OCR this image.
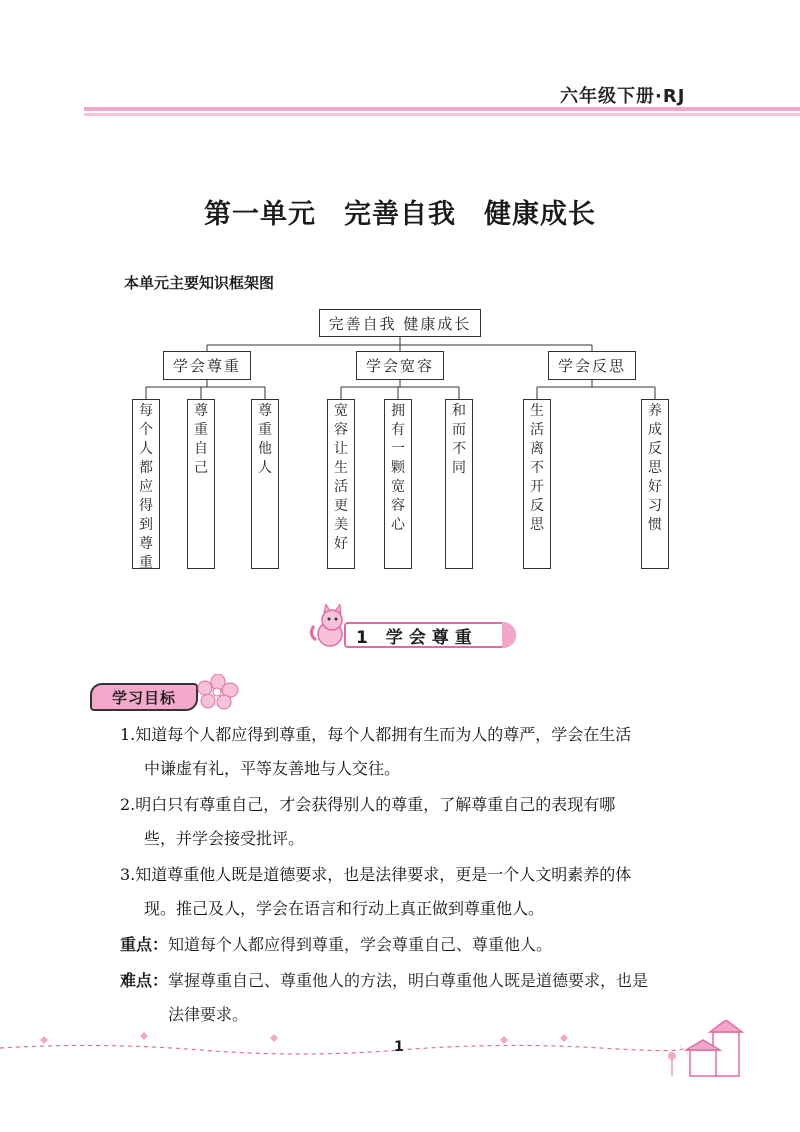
六年级下册·RJ
第一单元　完善自我　健康成长
本单元主要知识框架图
完善自我 健康成长
学会尊重	学会宽容	学会反思
每个人都应得到尊重
尊重自己
尊重他人
宽容让生活更美好
拥有一颗宽容心
和而不同
生活离不开反思
养成反思好习惯
1 学会尊重
学习目标
1.知道每个人都应得到尊重，每个人都拥有生而为人的尊严，学会在生活
中谦虚有礼，平等友善地与人交往。
2.明白只有尊重自己，才会获得别人的尊重，了解尊重自己的表现有哪
些，并学会接受批评。
3.知道尊重他人既是道德要求，也是法律要求，更是一个人文明素养的体
现。推己及人，学会在语言和行动上真正做到尊重他人。
重点：知道每个人都应得到尊重，学会尊重自己、尊重他人。
难点：掌握尊重自己、尊重他人的方法，明白尊重他人既是道德要求，也是
法律要求。
1
